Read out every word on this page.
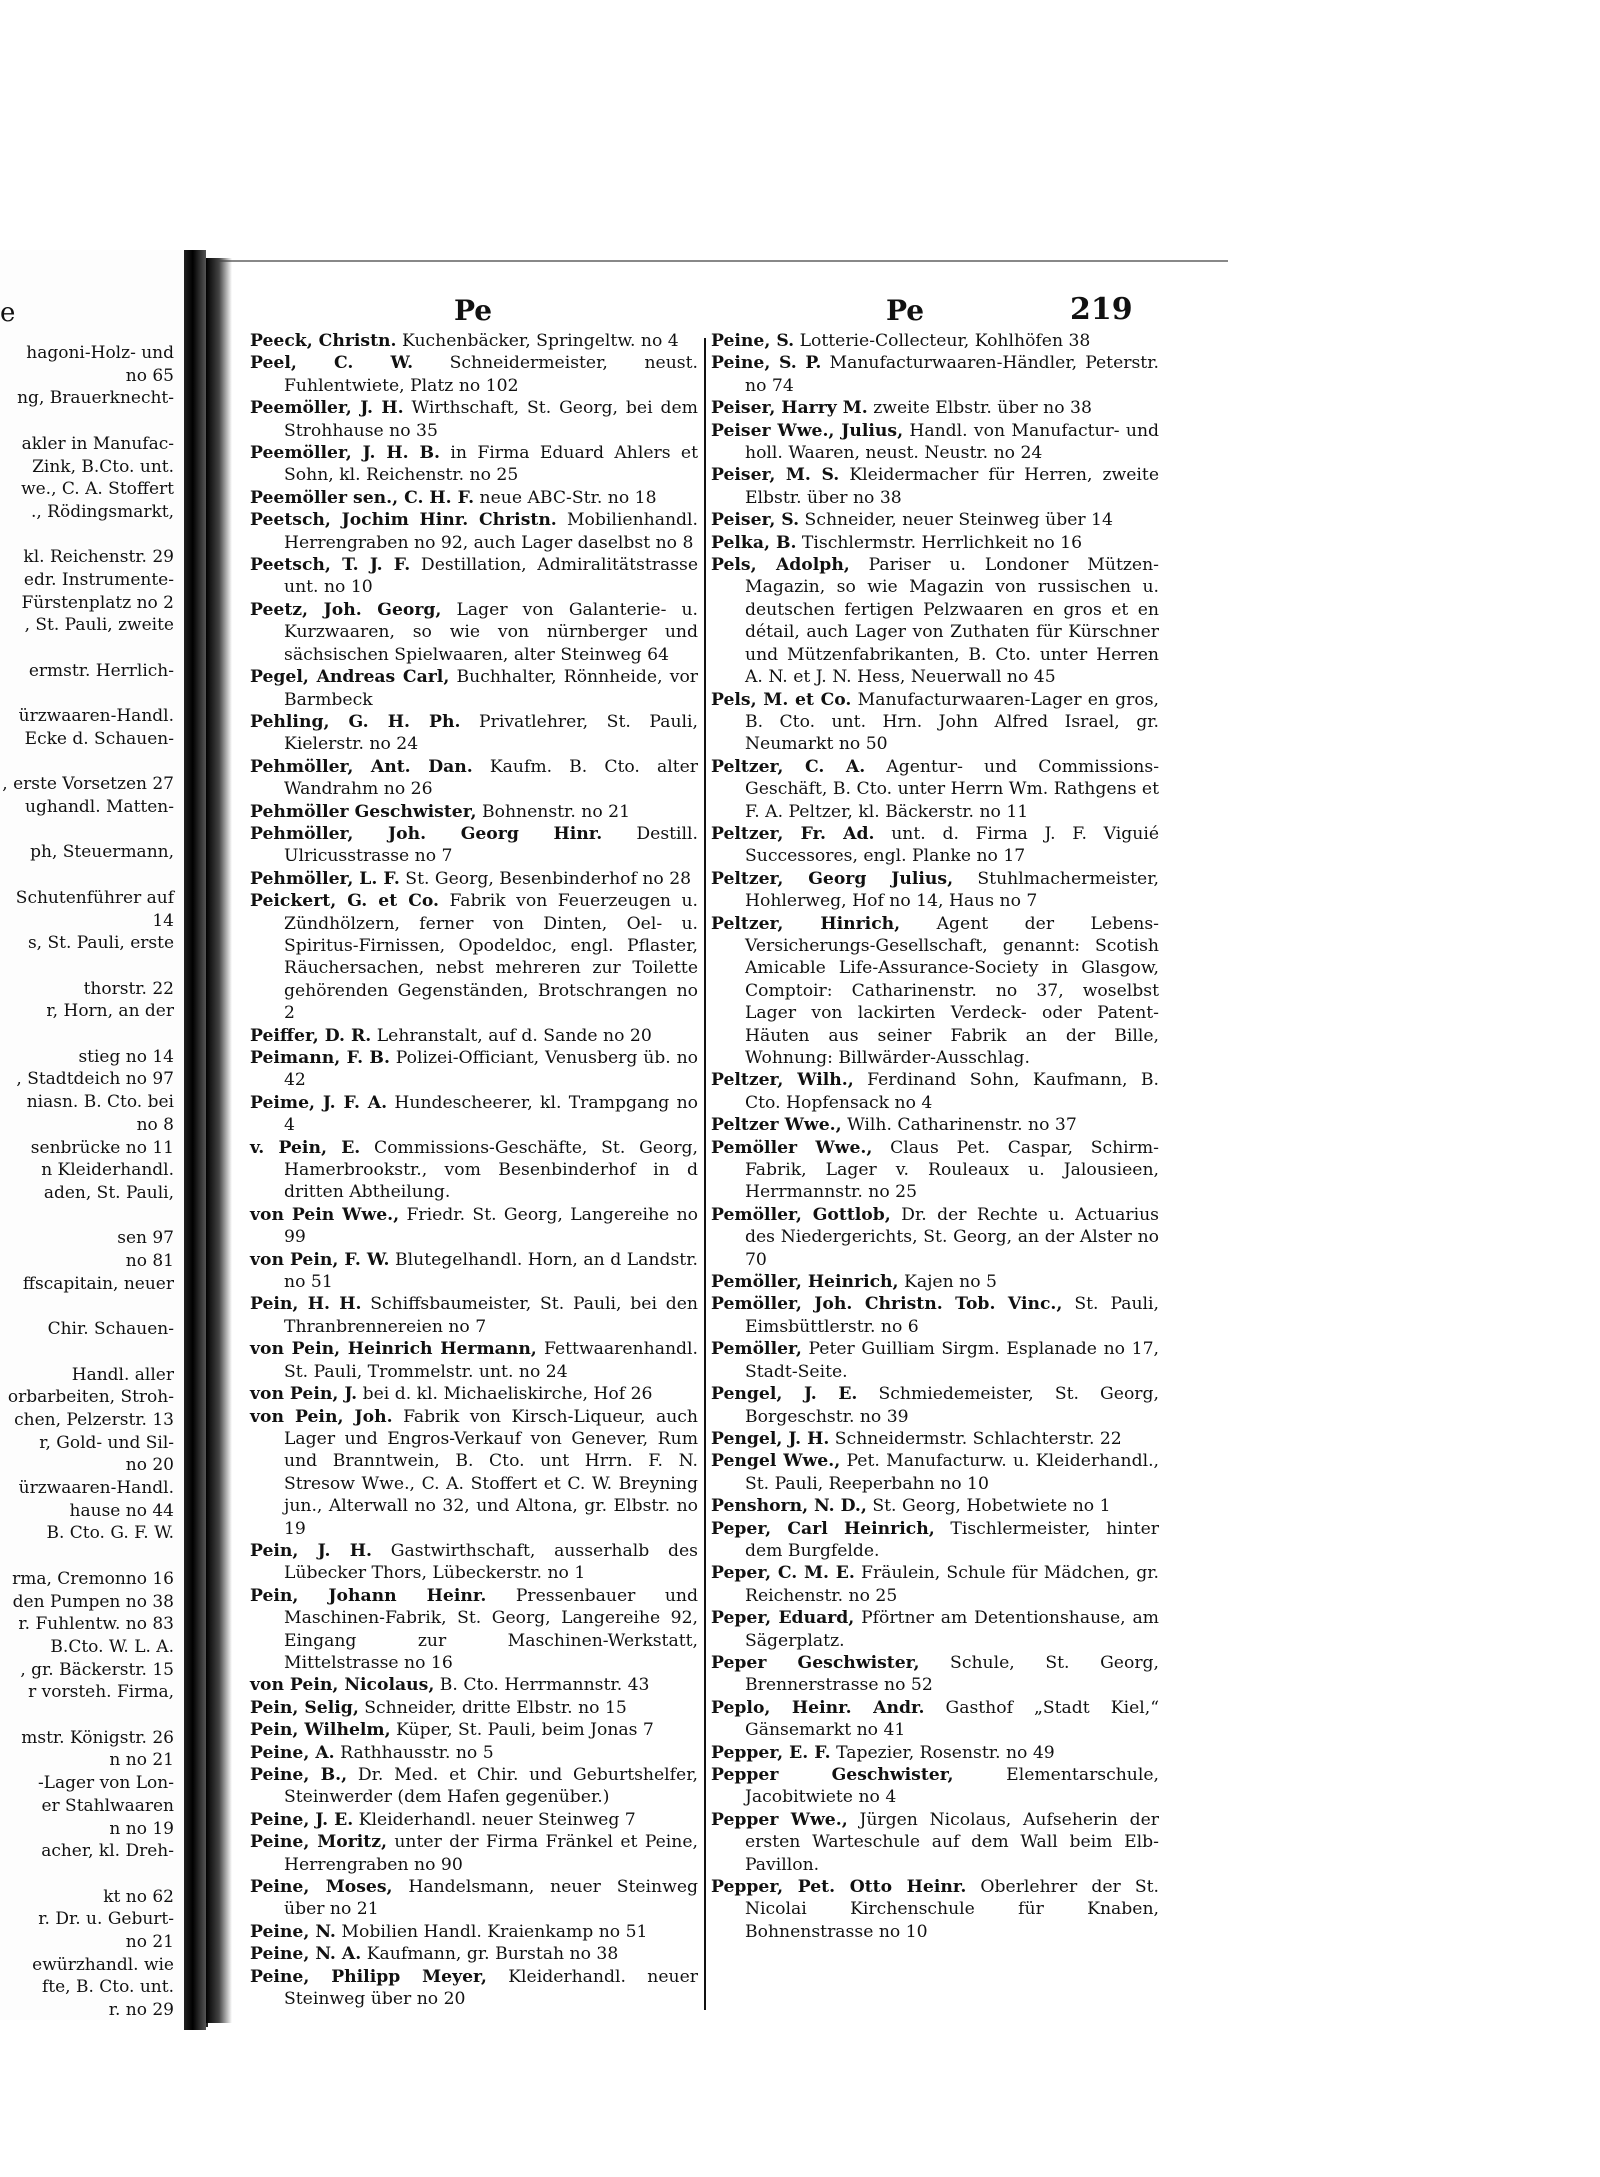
e
hagoni-Holz- und
no 65
ng, Brauerknecht-
akler in Manufac-
Zink, B.Cto. unt.
we., C. A. Stoffert
., Rödingsmarkt,
kl. Reichenstr. 29
edr. Instrumente-
Fürstenplatz no 2
, St. Pauli, zweite
ermstr. Herrlich-
ürzwaaren-Handl.
Ecke d. Schauen-
, erste Vorsetzen 27
ughandl. Matten-
ph, Steuermann,
Schutenführer auf
14
s, St. Pauli, erste
thorstr. 22
r, Horn, an der
stieg no 14
, Stadtdeich no 97
niasn. B. Cto. bei
no 8
senbrücke no 11
n Kleiderhandl.
aden, St. Pauli,
sen 97
no 81
ffscapitain, neuer
Chir. Schauen-
Handl. aller
orbarbeiten, Stroh-
chen, Pelzerstr. 13
r, Gold- und Sil-
no 20
ürzwaaren-Handl.
hause no 44
B. Cto. G. F. W.
rma, Cremonno 16
den Pumpen no 38
r. Fuhlentw. no 83
B.Cto. W. L. A.
, gr. Bäckerstr. 15
r vorsteh. Firma,
mstr. Königstr. 26
n no 21
-Lager von Lon-
er Stahlwaaren
n no 19
acher, kl. Dreh-
kt no 62
r. Dr. u. Geburt-
no 21
ewürzhandl. wie
fte, B. Cto. unt.
r. no 29
Pe	Pe	219
Peeck, Christn. Kuchenbäcker, Springeltw. no 4
Peel, C. W. Schneidermeister, neust. Fuhlentwiete, Platz no 102
Peemöller, J. H. Wirthschaft, St. Georg, bei dem Strohhause no 35
Peemöller, J. H. B. in Firma Eduard Ahlers et Sohn, kl. Reichenstr. no 25
Peemöller sen., C. H. F. neue ABC-Str. no 18
Peetsch, Jochim Hinr. Christn. Mobilienhandl. Herrengraben no 92, auch Lager daselbst no 8
Peetsch, T. J. F. Destillation, Admiralitätstrasse unt. no 10
Peetz, Joh. Georg, Lager von Galanterie- u. Kurzwaaren, so wie von nürnberger und sächsischen Spielwaaren, alter Steinweg 64
Pegel, Andreas Carl, Buchhalter, Rönnheide, vor Barmbeck
Pehling, G. H. Ph. Privatlehrer, St. Pauli, Kielerstr. no 24
Pehmöller, Ant. Dan. Kaufm. B. Cto. alter Wandrahm no 26
Pehmöller Geschwister, Bohnenstr. no 21
Pehmöller, Joh. Georg Hinr. Destill. Ulricusstrasse no 7
Pehmöller, L. F. St. Georg, Besenbinderhof no 28
Peickert, G. et Co. Fabrik von Feuerzeugen u. Zündhölzern, ferner von Dinten, Oel- u. Spiritus-Firnissen, Opodeldoc, engl. Pflaster, Räuchersachen, nebst mehreren zur Toilette gehörenden Gegenständen, Brotschrangen no 2
Peiffer, D. R. Lehranstalt, auf d. Sande no 20
Peimann, F. B. Polizei-Officiant, Venusberg üb. no 42
Peime, J. F. A. Hundescheerer, kl. Trampgang no 4
v. Pein, E. Commissions-Geschäfte, St. Georg, Hamerbrookstr., vom Besenbinderhof in d dritten Abtheilung.
von Pein Wwe., Friedr. St. Georg, Langereihe no 99
von Pein, F. W. Blutegelhandl. Horn, an d Landstr. no 51
Pein, H. H. Schiffsbaumeister, St. Pauli, bei den Thranbrennereien no 7
von Pein, Heinrich Hermann, Fettwaarenhandl. St. Pauli, Trommelstr. unt. no 24
von Pein, J. bei d. kl. Michaeliskirche, Hof 26
von Pein, Joh. Fabrik von Kirsch-Liqueur, auch Lager und Engros-Verkauf von Genever, Rum und Branntwein, B. Cto. unt Hrrn. F. N. Stresow Wwe., C. A. Stoffert et C. W. Breyning jun., Alterwall no 32, und Altona, gr. Elbstr. no 19
Pein, J. H. Gastwirthschaft, ausserhalb des Lübecker Thors, Lübeckerstr. no 1
Pein, Johann Heinr. Pressenbauer und Maschinen-Fabrik, St. Georg, Langereihe 92, Eingang zur Maschinen-Werkstatt, Mittelstrasse no 16
von Pein, Nicolaus, B. Cto. Herrmannstr. 43
Pein, Selig, Schneider, dritte Elbstr. no 15
Pein, Wilhelm, Küper, St. Pauli, beim Jonas 7
Peine, A. Rathhausstr. no 5
Peine, B., Dr. Med. et Chir. und Geburtshelfer, Steinwerder (dem Hafen gegenüber.)
Peine, J. E. Kleiderhandl. neuer Steinweg 7
Peine, Moritz, unter der Firma Fränkel et Peine, Herrengraben no 90
Peine, Moses, Handelsmann, neuer Steinweg über no 21
Peine, N. Mobilien Handl. Kraienkamp no 51
Peine, N. A. Kaufmann, gr. Burstah no 38
Peine, Philipp Meyer, Kleiderhandl. neuer Steinweg über no 20
Peine, S. Lotterie-Collecteur, Kohlhöfen 38
Peine, S. P. Manufacturwaaren-Händler, Peterstr. no 74
Peiser, Harry M. zweite Elbstr. über no 38
Peiser Wwe., Julius, Handl. von Manufactur- und holl. Waaren, neust. Neustr. no 24
Peiser, M. S. Kleidermacher für Herren, zweite Elbstr. über no 38
Peiser, S. Schneider, neuer Steinweg über 14
Pelka, B. Tischlermstr. Herrlichkeit no 16
Pels, Adolph, Pariser u. Londoner Mützen-Magazin, so wie Magazin von russischen u. deutschen fertigen Pelzwaaren en gros et en détail, auch Lager von Zuthaten für Kürschner und Mützenfabrikanten, B. Cto. unter Herren A. N. et J. N. Hess, Neuerwall no 45
Pels, M. et Co. Manufacturwaaren-Lager en gros, B. Cto. unt. Hrn. John Alfred Israel, gr. Neumarkt no 50
Peltzer, C. A. Agentur- und Commissions-Geschäft, B. Cto. unter Herrn Wm. Rathgens et F. A. Peltzer, kl. Bäckerstr. no 11
Peltzer, Fr. Ad. unt. d. Firma J. F. Viguié Successores, engl. Planke no 17
Peltzer, Georg Julius, Stuhlmachermeister, Hohlerweg, Hof no 14, Haus no 7
Peltzer, Hinrich, Agent der Lebens-Versicherungs-Gesellschaft, genannt: Scotish Amicable Life-Assurance-Society in Glasgow, Comptoir: Catharinenstr. no 37, woselbst Lager von lackirten Verdeck- oder Patent-Häuten aus seiner Fabrik an der Bille, Wohnung: Billwärder-Ausschlag.
Peltzer, Wilh., Ferdinand Sohn, Kaufmann, B. Cto. Hopfensack no 4
Peltzer Wwe., Wilh. Catharinenstr. no 37
Pemöller Wwe., Claus Pet. Caspar, Schirm-Fabrik, Lager v. Rouleaux u. Jalousieen, Herrmannstr. no 25
Pemöller, Gottlob, Dr. der Rechte u. Actuarius des Niedergerichts, St. Georg, an der Alster no 70
Pemöller, Heinrich, Kajen no 5
Pemöller, Joh. Christn. Tob. Vinc., St. Pauli, Eimsbüttlerstr. no 6
Pemöller, Peter Guilliam Sirgm. Esplanade no 17, Stadt-Seite.
Pengel, J. E. Schmiedemeister, St. Georg, Borgeschstr. no 39
Pengel, J. H. Schneidermstr. Schlachterstr. 22
Pengel Wwe., Pet. Manufacturw. u. Kleiderhandl., St. Pauli, Reeperbahn no 10
Penshorn, N. D., St. Georg, Hobetwiete no 1
Peper, Carl Heinrich, Tischlermeister, hinter dem Burgfelde.
Peper, C. M. E. Fräulein, Schule für Mädchen, gr. Reichenstr. no 25
Peper, Eduard, Pförtner am Detentionshause, am Sägerplatz.
Peper Geschwister, Schule, St. Georg, Brennerstrasse no 52
Peplo, Heinr. Andr. Gasthof „Stadt Kiel,“ Gänsemarkt no 41
Pepper, E. F. Tapezier, Rosenstr. no 49
Pepper Geschwister, Elementarschule, Jacobitwiete no 4
Pepper Wwe., Jürgen Nicolaus, Aufseherin der ersten Warteschule auf dem Wall beim Elb-Pavillon.
Pepper, Pet. Otto Heinr. Oberlehrer der St. Nicolai Kirchenschule für Knaben, Bohnenstrasse no 10
